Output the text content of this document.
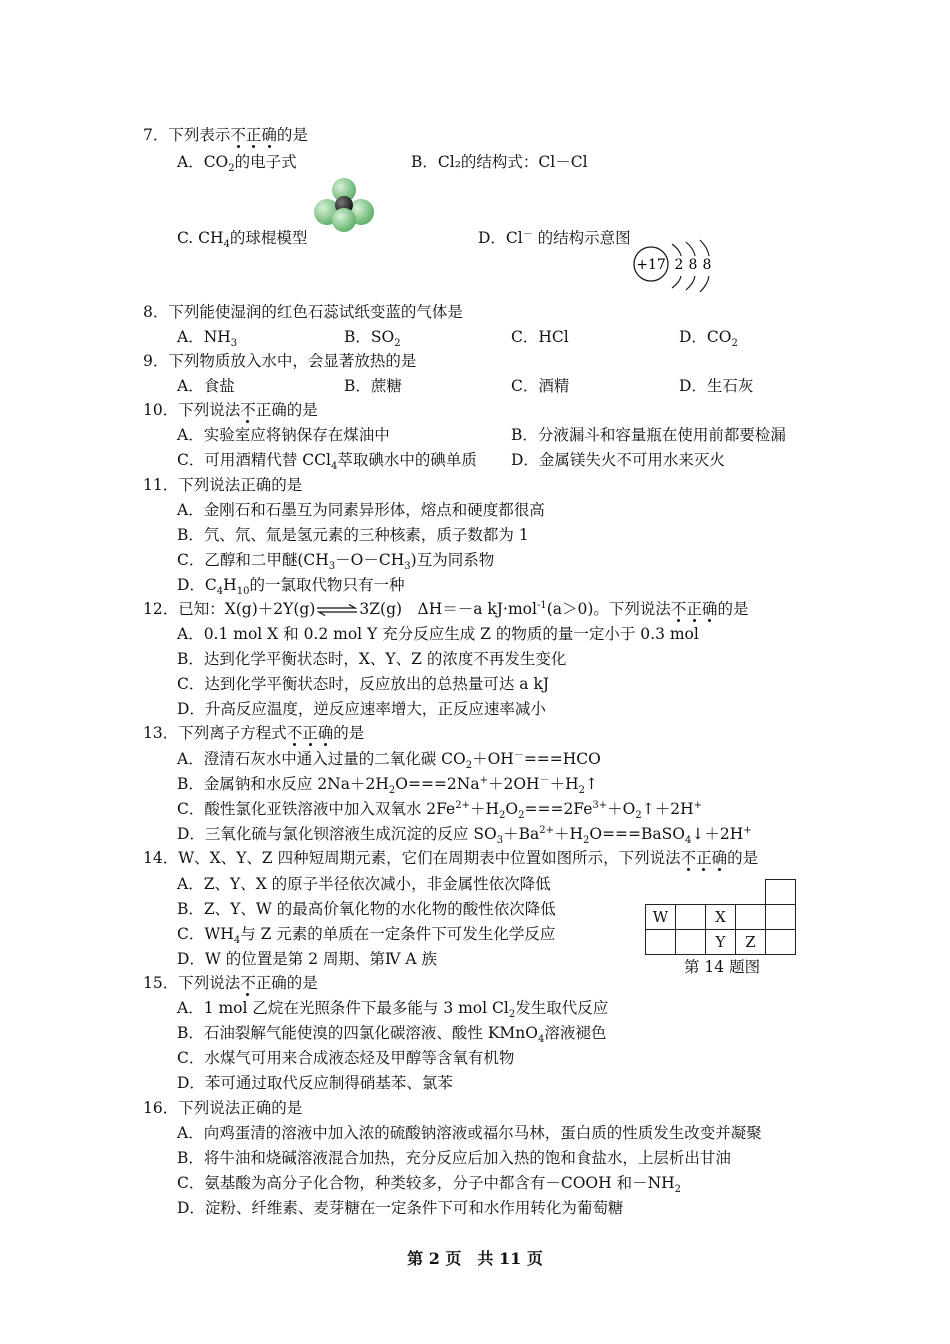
7．下列表示不正确的是
A．$CO_2$的电子式	B．Cl₂的结构式：Cl－Cl
C. $CH_4$的球棍模型	D．Cl－ 的结构示意图
+17 2 8 8
8．下列能使湿润的红色石蕊试纸变蓝的气体是
A．$NH_3$	B．$SO_2$	C．HCl	D．$CO_2$
9．下列物质放入水中，会显著放热的是
A．食盐	B．蔗糖	C．酒精	D．生石灰
10．下列说法不正确的是
A．实验室应将钠保存在煤油中	B．分液漏斗和容量瓶在使用前都要检漏
C．可用酒精代替 CCl$_4$萃取碘水中的碘单质 D．金属镁失火不可用水来灭火
11．下列说法正确的是
A．金刚石和石墨互为同素异形体，熔点和硬度都很高
B．氕、氘、氚是氢元素的三种核素，质子数都为 1
C．乙醇和二甲醚$(CH_3-O-CH_3)$互为同系物
D．$C_4H_{10}$的一氯取代物只有一种
12．已知：X(g)＋2Y(g)⇌3Z(g)　ΔH＝－a kJ·mol$^{-1}$(a＞0)。下列说法不正确的是
A．0.1 mol X 和 0.2 mol Y 充分反应生成 Z 的物质的量一定小于 0.3 mol
B．达到化学平衡状态时，X、Y、Z 的浓度不再发生变化
C．达到化学平衡状态时，反应放出的总热量可达 a kJ
D．升高反应温度，逆反应速率增大，正反应速率减小
13．下列离子方程式不正确的是
A．澄清石灰水中通入过量的二氧化碳 $CO_2+OH^-===HCO$
B．金属钠和水反应 $2Na+2H_2O===2Na^++2OH^-+H_2↑$
C．酸性氯化亚铁溶液中加入双氧水 $2Fe^{2+}+H_2O_2===2Fe^{3+}+O_2↑+2H^+$
D．三氧化硫与氯化钡溶液生成沉淀的反应 $SO_3+Ba^{2+}+H_2O===BaSO_4↓+2H^+$
14．W、X、Y、Z 四种短周期元素，它们在周期表中位置如图所示，下列说法不正确的是
A．Z、Y、X 的原子半径依次减小，非金属性依次降低
B．Z、Y、W 的最高价氧化物的水化物的酸性依次降低
C．$WH_4$与 Z 元素的单质在一定条件下可发生化学反应
D．W 的位置是第 2 周期、第Ⅳ A 族

W		X		
		Y	Z	
第 14 题图
15．下列说法不正确的是
A．1 mol 乙烷在光照条件下最多能与 3 mol $Cl_2$发生取代反应
B．石油裂解气能使溴的四氯化碳溶液、酸性 KMnO$_4$溶液褪色
C．水煤气可用来合成液态烃及甲醇等含氧有机物
D．苯可通过取代反应制得硝基苯、氯苯
16．下列说法正确的是
A．向鸡蛋清的溶液中加入浓的硫酸钠溶液或福尔马林，蛋白质的性质发生改变并凝聚
B．将牛油和烧碱溶液混合加热，充分反应后加入热的饱和食盐水，上层析出甘油
C．氨基酸为高分子化合物，种类较多，分子中都含有－COOH 和$-NH_2$
D．淀粉、纤维素、麦芽糖在一定条件下可和水作用转化为葡萄糖
第 2 页　共 11 页
